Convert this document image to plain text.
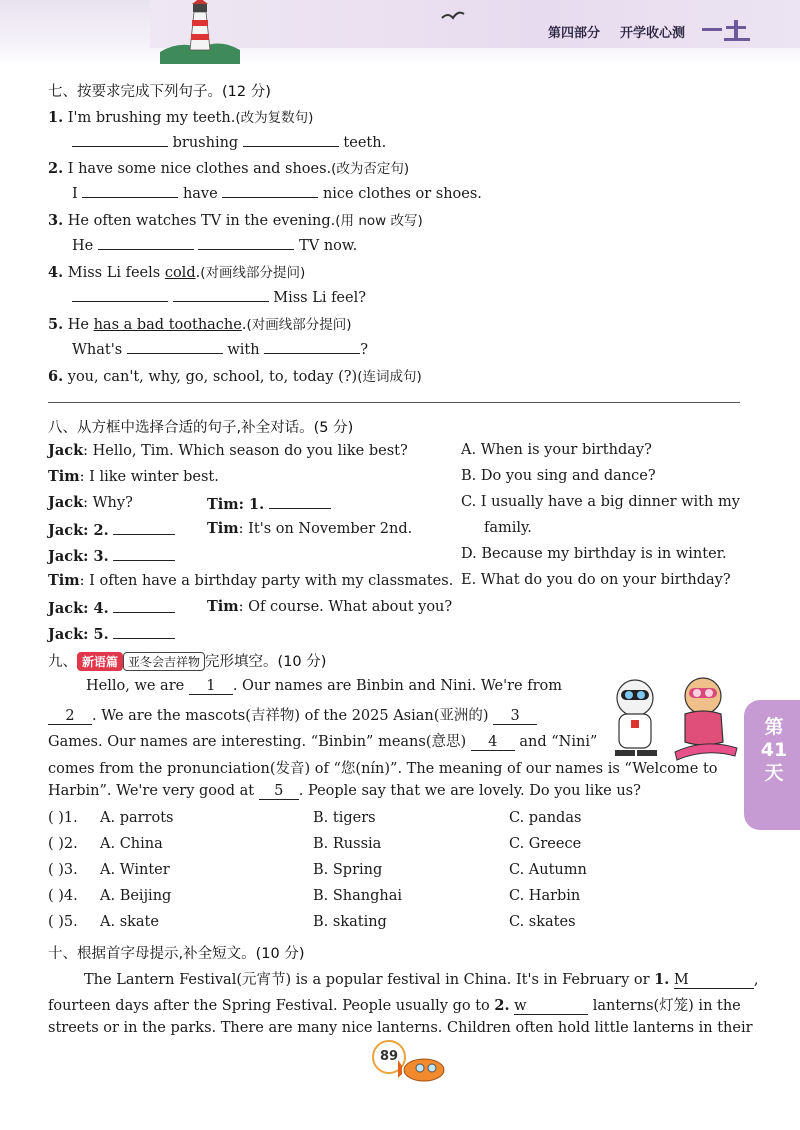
第四部分 开学收心测
七、按要求完成下列句子。(12 分)
1. I'm brushing my teeth.(改为复数句)
brushing	teeth.
2. I have some nice clothes and shoes.(改为否定句)
I	have	nice clothes or shoes.
3. He often watches TV in the evening.(用 now 改写)
He	TV now.
4. Miss Li feels cold.(对画线部分提问)
Miss Li feel?
5. He has a bad toothache.(对画线部分提问)
What's	with	?
6. you, can't, why, go, school, to, today (?)(连词成句)
八、从方框中选择合适的句子,补全对话。(5 分)
Jack: Hello, Tim. Which season do you like best?
Tim: I like winter best.
Jack: Why?	Tim: 1.
Jack: 2.	Tim: It's on November 2nd.
Jack: 3.
Tim: I often have a birthday party with my classmates.
Jack: 4.	Tim: Of course. What about you?
Jack: 5.
A. When is your birthday?
B. Do you sing and dance?
C. I usually have a big dinner with my
family.
D. Because my birthday is in winter.
E. What do you do on your birthday?
九、 新语篇 亚冬会吉祥物 完形填空。(10 分)
Hello, we are 1 . Our names are Binbin and Nini. We're from
2 . We are the mascots(吉祥物) of the 2025 Asian(亚洲的) 3
Games. Our names are interesting. “Binbin” means(意思) 4 and “Nini”
comes from the pronunciation(发音) of “您(nín)”. The meaning of our names is “Welcome to
Harbin”. We're very good at 5 . People say that we are lovely. Do you like us?
( )1. A. parrots	B. tigers	C. pandas
( )2. A. China	B. Russia	C. Greece
( )3. A. Winter	B. Spring	C. Autumn
( )4. A. Beijing	B. Shanghai	C. Harbin
( )5. A. skate	B. skating	C. skates
十、根据首字母提示,补全短文。(10 分)
The Lantern Festival(元宵节) is a popular festival in China. It's in February or 1. M	,
fourteen days after the Spring Festival. People usually go to 2. w	lanterns(灯笼) in the
streets or in the parks. There are many nice lanterns. Children often hold little lanterns in their
第
41
天
89
